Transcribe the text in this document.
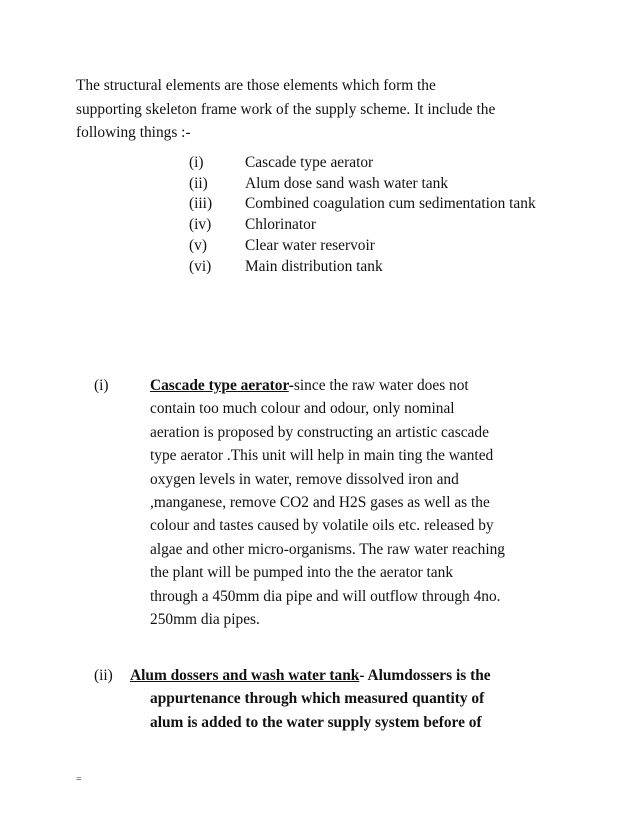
The structural elements are those elements which form the

supporting skeleton frame work of the supply scheme. It include the

following things :-

(i)	Cascade type aerator
(ii)	Alum dose sand wash water tank
(iii)	Combined coagulation cum sedimentation tank
(iv)	Chlorinator
(v)	Clear water reservoir
(vi)	Main distribution tank
(i)	Cascade type aerator-since the raw water does not
contain too much colour and odour, only nominal
aeration is proposed by constructing an artistic cascade
type aerator .This unit will help in main ting the wanted
oxygen levels in water, remove dissolved iron and
,manganese, remove CO2 and H2S gases as well as the
colour and tastes caused by volatile oils etc. released by
algae and other micro-organisms. The raw water reaching
the plant will be pumped into the the aerator tank
through a 450mm dia pipe and will outflow through 4no.
250mm dia pipes.
(ii) Alum dossers and wash water tank- Alumdossers is the
appurtenance through which measured quantity of
alum is added to the water supply system before of
=
